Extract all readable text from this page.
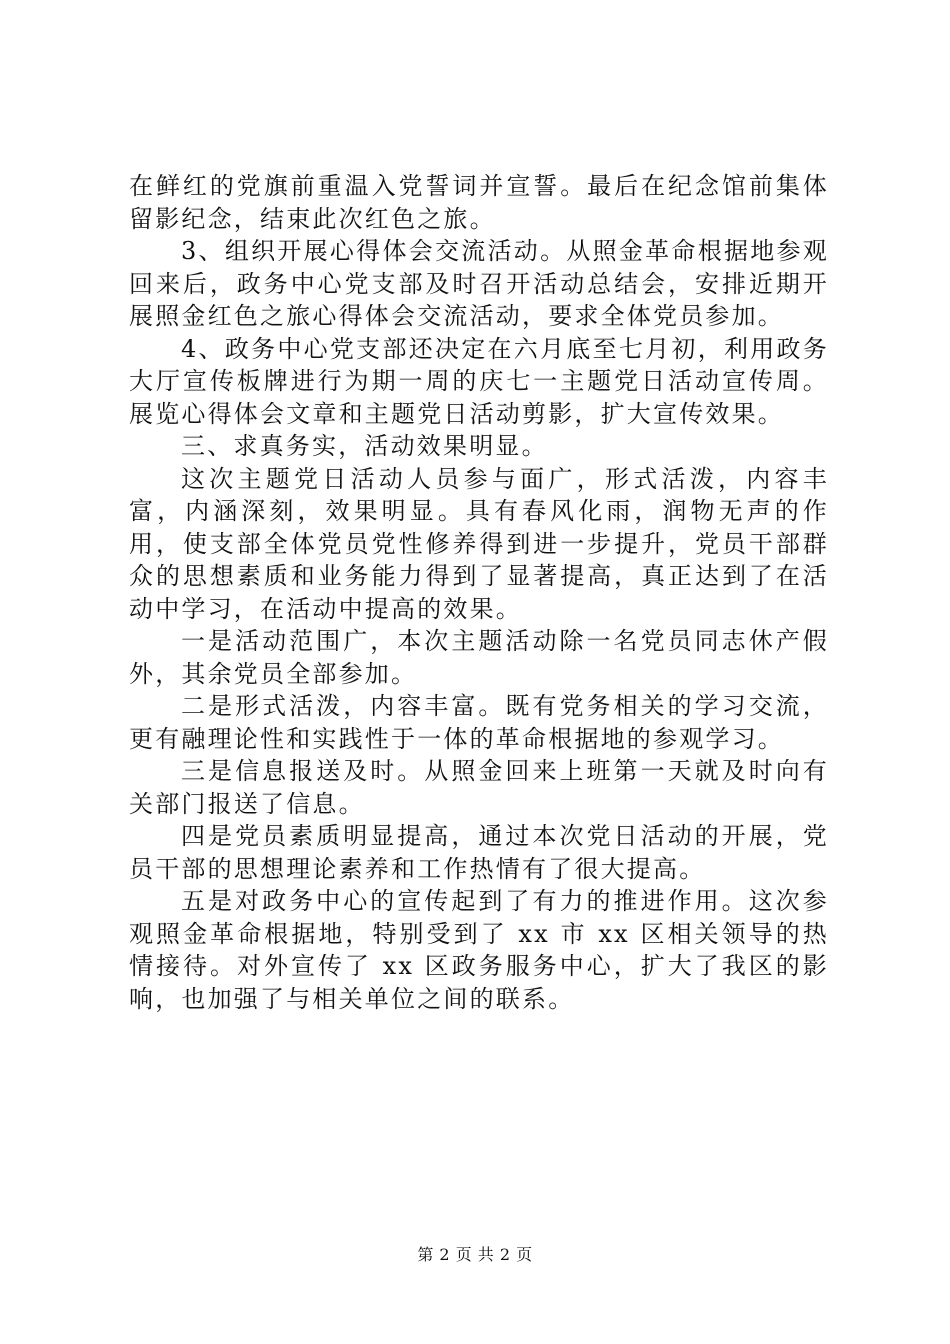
在鲜红的党旗前重温入党誓词并宣誓。最后在纪念馆前集体留影纪念，结束此次红色之旅。

3、组织开展心得体会交流活动。从照金革命根据地参观回来后，政务中心党支部及时召开活动总结会，安排近期开展照金红色之旅心得体会交流活动，要求全体党员参加。

4、政务中心党支部还决定在六月底至七月初，利用政务大厅宣传板牌进行为期一周的庆七一主题党日活动宣传周。展览心得体会文章和主题党日活动剪影，扩大宣传效果。

三、求真务实，活动效果明显。

这次主题党日活动人员参与面广，形式活泼，内容丰富，内涵深刻，效果明显。具有春风化雨，润物无声的作用，使支部全体党员党性修养得到进一步提升，党员干部群众的思想素质和业务能力得到了显著提高，真正达到了在活动中学习，在活动中提高的效果。

一是活动范围广，本次主题活动除一名党员同志休产假外，其余党员全部参加。

二是形式活泼，内容丰富。既有党务相关的学习交流，更有融理论性和实践性于一体的革命根据地的参观学习。

三是信息报送及时。从照金回来上班第一天就及时向有关部门报送了信息。

四是党员素质明显提高，通过本次党日活动的开展，党员干部的思想理论素养和工作热情有了很大提高。

五是对政务中心的宣传起到了有力的推进作用。这次参观照金革命根据地，特别受到了 xx 市 xx 区相关领导的热情接待。对外宣传了 xx 区政务服务中心，扩大了我区的影响，也加强了与相关单位之间的联系。

第 2 页 共 2 页
